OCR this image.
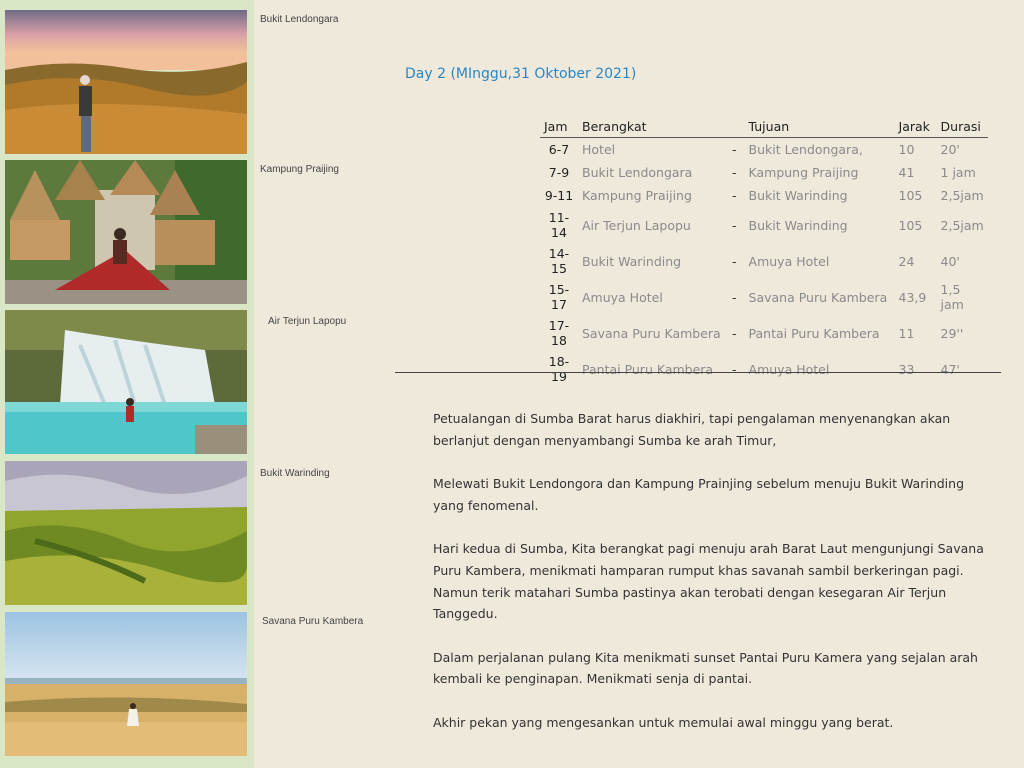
Bukit Lendongara
Kampung Praijing
Air Terjun Lapopu
Bukit Warinding
Savana Puru Kambera
Day 2 (MInggu,31 Oktober 2021)
Jam	Berangkat		Tujuan	Jarak	Durasi
6-7	Hotel	-	Bukit Lendongara,	10	20'
7-9	Bukit Lendongara	-	Kampung Praijing	41	1 jam
9-11	Kampung Praijing	-	Bukit Warinding	105	2,5jam
11-14	Air Terjun Lapopu	-	Bukit Warinding	105	2,5jam
14-15	Bukit Warinding	-	Amuya Hotel	24	40'
15-17	Amuya Hotel	-	Savana Puru Kambera	43,9	1,5 jam
17-18	Savana Puru Kambera	-	Pantai Puru Kambera	11	29''
18-19	Pantai Puru Kambera	-	Amuya Hotel	33	47'

Petualangan di Sumba Barat harus diakhiri, tapi pengalaman menyenangkan akan berlanjut dengan menyambangi Sumba ke arah Timur,

Melewati Bukit Lendongora dan Kampung Prainjing sebelum menuju Bukit Warinding yang fenomenal.

Hari kedua di Sumba, Kita berangkat pagi menuju arah Barat Laut mengunjungi Savana Puru Kambera, menikmati hamparan rumput khas savanah sambil berkeringan pagi. Namun terik matahari Sumba pastinya akan terobati dengan kesegaran Air Terjun Tanggedu.

Dalam perjalanan pulang Kita menikmati sunset Pantai Puru Kamera yang sejalan arah kembali ke penginapan. Menikmati senja di pantai.

Akhir pekan yang mengesankan untuk memulai awal minggu yang berat.
